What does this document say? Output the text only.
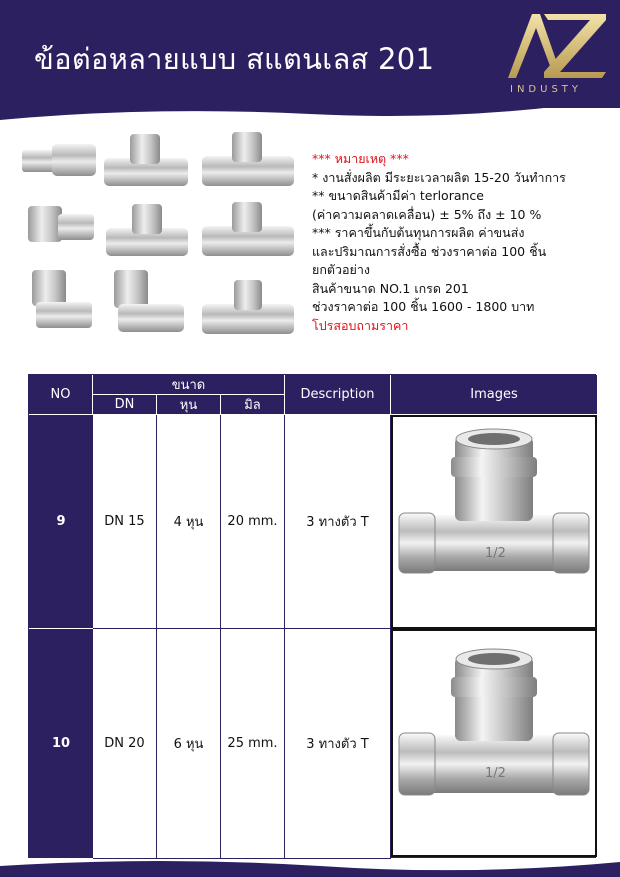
ข้อต่อหลายแบบ สแตนเลส 201
INDUSTY
*** หมายเหตุ ***
* งานสั่งผลิต มีระยะเวลาผลิต 15-20 วันทำการ
** ขนาดสินค้ามีค่า terlorance
(ค่าความคลาดเคลื่อน) ± 5% ถึง ± 10 %
*** ราคาขึ้นกับต้นทุนการผลิต ค่าขนส่ง
และปริมาณการสั่งซื้อ ช่วงราคาต่อ 100 ชิ้น
ยกตัวอย่าง
สินค้าขนาด NO.1 เกรด 201
ช่วงราคาต่อ 100 ชิ้น 1600 - 1800 บาท
โปรสอบถามราคา
NO
ขนาด
DN	หุน	มิล
Description	Images
9	DN 15	4 หุน	20 mm.	3 ทางตัว T
1/2
10	DN 20	6 หุน	25 mm.	3 ทางตัว T
1/2
